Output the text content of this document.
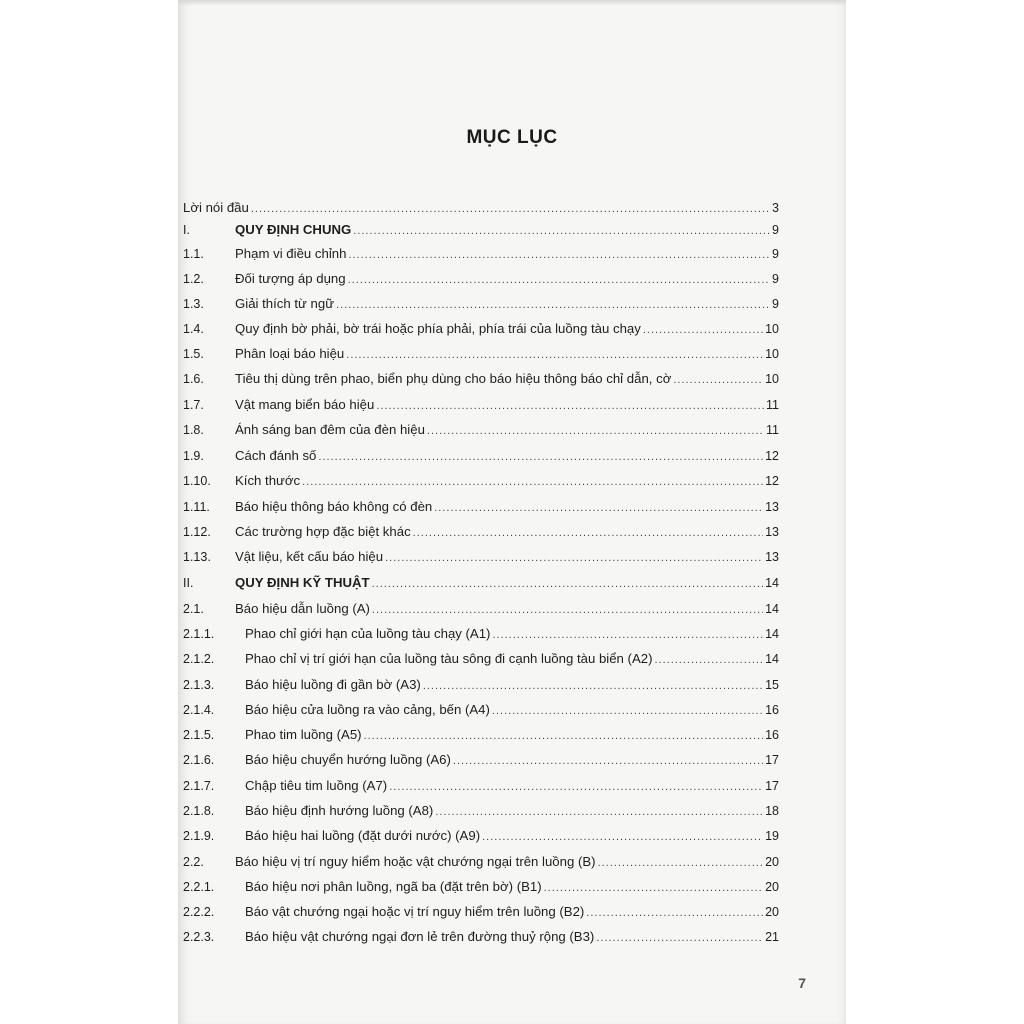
MỤC LỤC
Lời nói đầu .....	3
I.	QUY ĐỊNH CHUNG .....	9
1.1.	Phạm vi điều chỉnh .....	9
1.2.	Đối tượng áp dụng .....	9
1.3.	Giải thích từ ngữ .....	9
1.4.	Quy định bờ phải, bờ trái hoặc phía phải, phía trái của luồng tàu chạy .....	10
1.5.	Phân loại báo hiệu .....	10
1.6.	Tiêu thị dùng trên phao, biển phụ dùng cho báo hiệu thông báo chỉ dẫn, cờ .....	10
1.7.	Vật mang biển báo hiệu .....	11
1.8.	Ánh sáng ban đêm của đèn hiệu .....	11
1.9.	Cách đánh số .....	12
1.10.	Kích thước .....	12
1.11.	Báo hiệu thông báo không có đèn .....	13
1.12.	Các trường hợp đặc biệt khác .....	13
1.13.	Vật liệu, kết cấu báo hiệu .....	13
II.	QUY ĐỊNH KỸ THUẬT .....	14
2.1.	Báo hiệu dẫn luồng (A) .....	14
2.1.1.	Phao chỉ giới hạn của luồng tàu chạy (A1) .....	14
2.1.2.	Phao chỉ vị trí giới hạn của luồng tàu sông đi cạnh luồng tàu biển (A2) .....	14
2.1.3.	Báo hiệu luồng đi gần bờ (A3) .....	15
2.1.4.	Báo hiệu cửa luồng ra vào cảng, bến (A4) .....	16
2.1.5.	Phao tim luồng (A5) .....	16
2.1.6.	Báo hiệu chuyển hướng luồng (A6) .....	17
2.1.7.	Chập tiêu tim luồng (A7) .....	17
2.1.8.	Báo hiệu định hướng luồng (A8) .....	18
2.1.9.	Báo hiệu hai luồng (đặt dưới nước) (A9) .....	19
2.2.	Báo hiệu vị trí nguy hiểm hoặc vật chướng ngại trên luồng (B) .....	20
2.2.1.	Báo hiệu nơi phân luồng, ngã ba (đặt trên bờ) (B1) .....	20
2.2.2.	Báo vật chướng ngại hoặc vị trí nguy hiểm trên luồng (B2) .....	20
2.2.3.	Báo hiệu vật chướng ngại đơn lẻ trên đường thuỷ rộng (B3) .....	21
7
